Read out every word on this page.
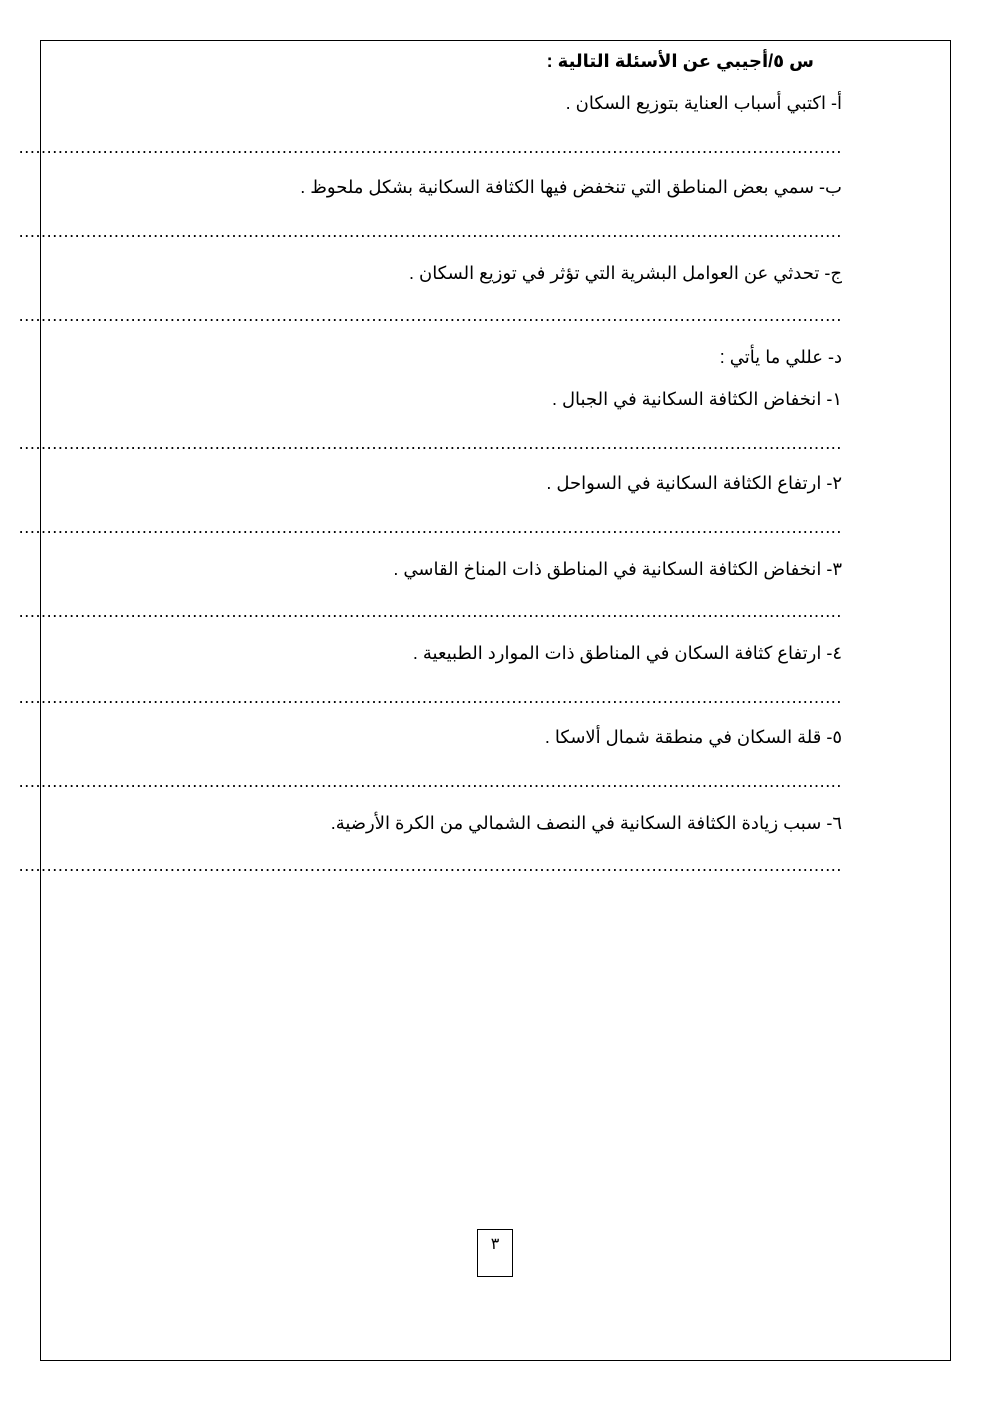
س ٥/أجيبي عن الأسئلة التالية :
أ- اكتبي أسباب العناية بتوزيع السكان .
...................................................................................................................................................
ب- سمي بعض المناطق التي تنخفض فيها الكثافة السكانية بشكل ملحوظ .
...................................................................................................................................................
ج- تحدثي عن العوامل البشرية التي تؤثر في توزيع السكان .
...................................................................................................................................................
د- عللي ما يأتي :
١- انخفاض الكثافة السكانية في الجبال .
...................................................................................................................................................
٢- ارتفاع الكثافة السكانية في السواحل .
...................................................................................................................................................
٣- انخفاض الكثافة السكانية في المناطق ذات المناخ القاسي .
...................................................................................................................................................
٤- ارتفاع كثافة السكان في المناطق ذات الموارد الطبيعية .
...................................................................................................................................................
٥- قلة السكان في منطقة شمال ألاسكا .
...................................................................................................................................................
٦- سبب زيادة الكثافة السكانية في النصف الشمالي من الكرة الأرضية.
...................................................................................................................................................
٣
